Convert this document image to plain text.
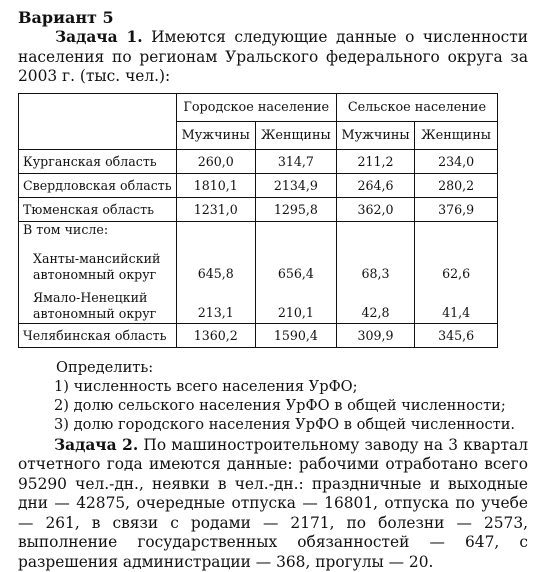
Вариант 5
Задача 1. Имеются следующие данные о численности населения по регионам Уральского федерального округа за 2003 г. (тыс. чел.):
	Городское население		Сельское население	
	Мужчины	Женщины	Мужчины	Женщины
Курганская область	260,0	314,7	211,2	234,0
Свердловская область	1810,1	2134,9	264,6	280,2
Тюменская область	1231,0	1295,8	362,0	376,9
В том числе:				
Ханты-мансийский
автономный округ	645,8	656,4	68,3	62,6
Ямало-Ненецкий
автономный округ	213,1	210,1	42,8	41,4
Челябинская область	1360,2	1590,4	309,9	345,6
Определить:
1) численность всего населения УрФО;
2) долю сельского населения УрФО в общей численности;
3) долю городского населения УрФО в общей численности.
Задача 2. По машиностроительному заводу на 3 квартал отчетного года имеются данные: рабочими отработано всего 95290 чел.-дн., неявки в чел.-дн.: праздничные и выходные дни — 42875, очередные отпуска — 16801, отпуска по учебе — 261, в связи с родами — 2171, по болезни — 2573, выполнение государственных обязанностей — 647, с разрешения администрации — 368, прогулы — 20.
